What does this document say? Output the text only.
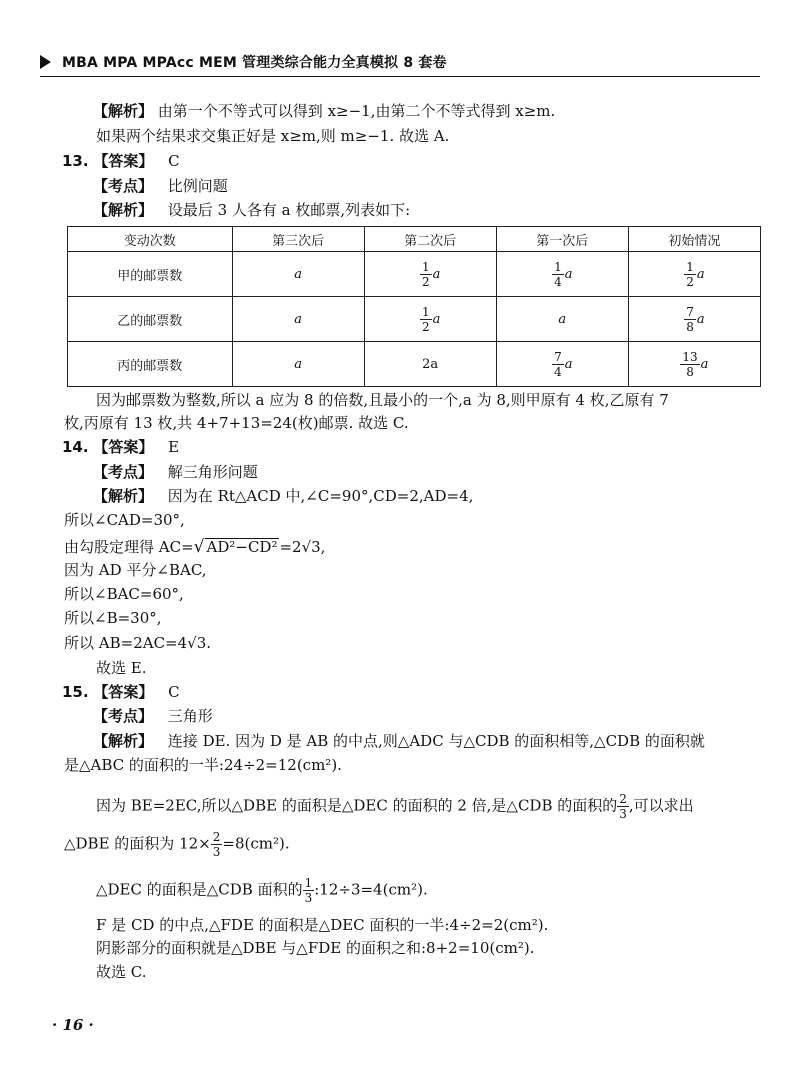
MBA MPA MPAcc MEM 管理类综合能力全真模拟 8 套卷
【解析】 由第一个不等式可以得到 x≥−1,由第二个不等式得到 x≥m.
如果两个结果求交集正好是 x≥m,则 m≥−1. 故选 A.
13. 【答案】 C
【考点】 比例问题
【解析】 设最后 3 人各有 a 枚邮票,列表如下:
变动次数	第三次后	第二次后	第一次后	初始情况
甲的邮票数	a	$\frac{1}{2}$ a	$\frac{1}{4}$ a	$\frac{1}{2}$ a

乙的邮票数	a	$\frac{1}{2}$ a	a	$\frac{7}{8}$ a

丙的邮票数	a	2a	$\frac{7}{4}$ a	$\frac{13}{8}$ a
因为邮票数为整数,所以 a 应为 8 的倍数,且最小的一个,a 为 8,则甲原有 4 枚,乙原有 7
枚,丙原有 13 枚,共 4+7+13=24(枚)邮票. 故选 C.
14. 【答案】 E
【考点】 解三角形问题
【解析】 因为在 Rt△ACD 中,∠C=90°,CD=2,AD=4,
所以∠CAD=30°,
由勾股定理得 AC=√ AD²−CD² =2√3,
因为 AD 平分∠BAC,
所以∠BAC=60°,
所以∠B=30°,
所以 AB=2AC=4√3.
故选 E.
15. 【答案】 C
【考点】 三角形
【解析】 连接 DE. 因为 D 是 AB 的中点,则△ADC 与△CDB 的面积相等,△CDB 的面积就
是△ABC 的面积的一半:24÷2=12(cm²).
因为 BE=2EC,所以△DBE 的面积是△DEC 的面积的 2 倍,是△CDB 的面积的 $\frac{2}{3}$ ,可以求出
△DBE 的面积为 $12\times \frac{2}{3} =8(cm^2)$.
△DEC 的面积是△CDB 面积的 $\frac{1}{3}$ :12÷3=4(cm²).
F 是 CD 的中点,△FDE 的面积是△DEC 面积的一半:4÷2=2(cm²).
阴影部分的面积就是△DBE 与△FDE 的面积之和:8+2=10(cm²).
故选 C.
· 16 ·
